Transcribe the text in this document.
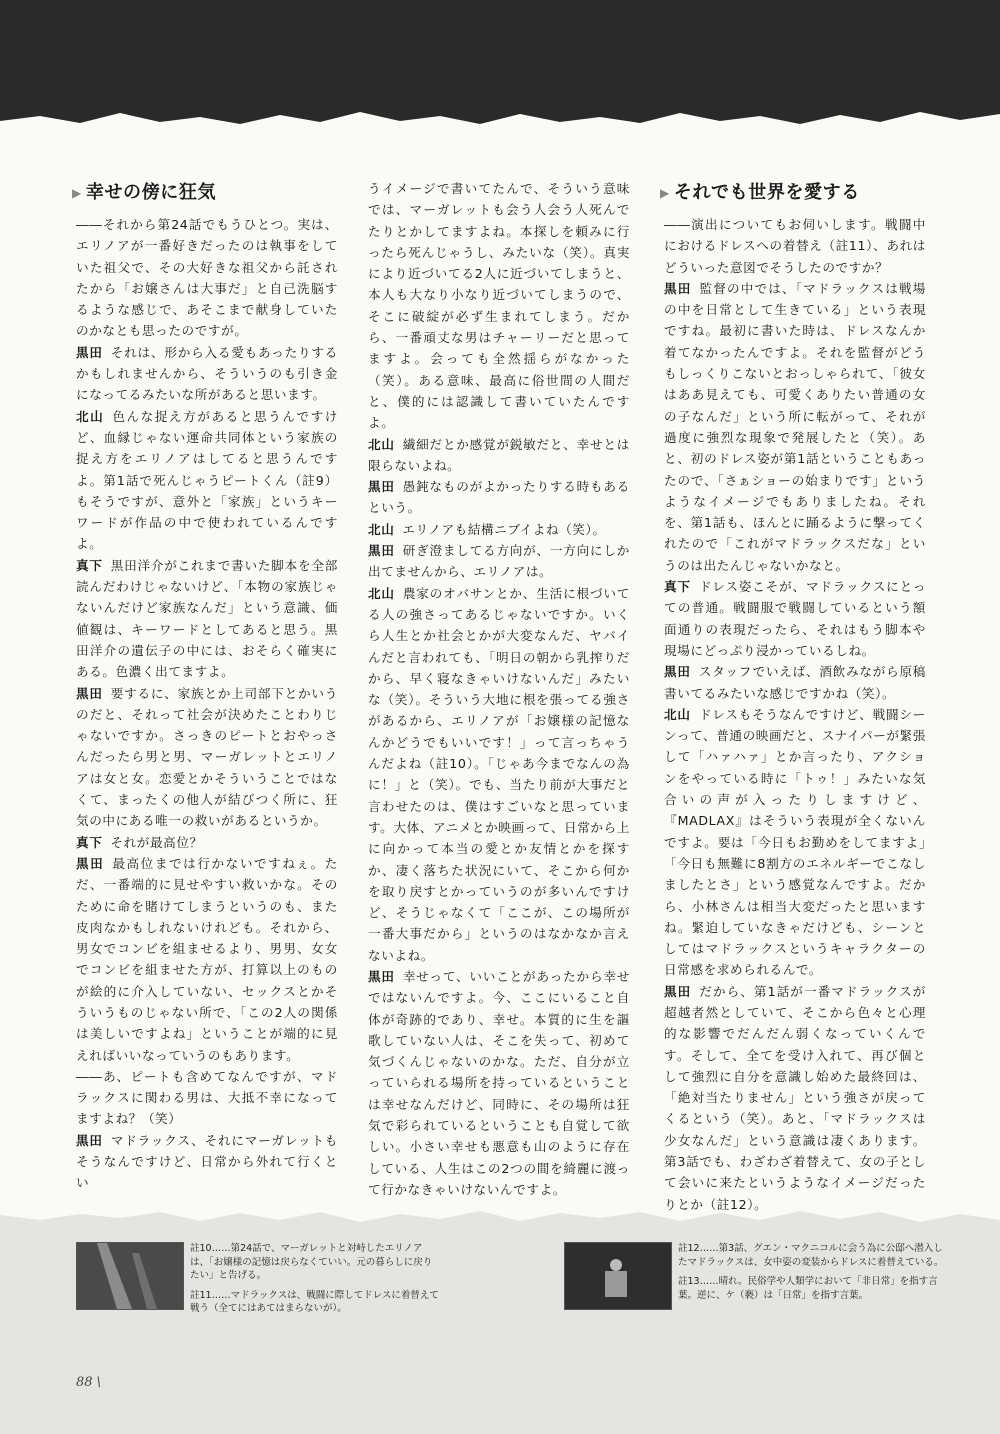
▶ 幸せの傍に狂気

――それから第24話でもうひとつ。実は、エリノアが一番好きだったのは執事をしていた祖父で、その大好きな祖父から託されたから「お嬢さんは大事だ」と自己洗脳するような感じで、あそこまで献身していたのかなとも思ったのですが。

黒田 それは、形から入る愛もあったりするかもしれませんから、そういうのも引き金になってるみたいな所があると思います。

北山 色んな捉え方があると思うんですけど、血縁じゃない運命共同体という家族の捉え方をエリノアはしてると思うんですよ。第1話で死んじゃうピートくん（註9）もそうですが、意外と「家族」というキーワードが作品の中で使われているんですよ。

真下 黒田洋介がこれまで書いた脚本を全部読んだわけじゃないけど、「本物の家族じゃないんだけど家族なんだ」という意識、価値観は、キーワードとしてあると思う。黒田洋介の遺伝子の中には、おそらく確実にある。色濃く出てますよ。

黒田 要するに、家族とか上司部下とかいうのだと、それって社会が決めたことわりじゃないですか。さっきのピートとおやっさんだったら男と男、マーガレットとエリノアは女と女。恋愛とかそういうことではなくて、まったくの他人が結びつく所に、狂気の中にある唯一の救いがあるというか。

真下 それが最高位？

黒田 最高位までは行かないですねぇ。ただ、一番端的に見せやすい救いかな。そのために命を賭けてしまうというのも、また皮肉なかもしれないけれども。それから、男女でコンビを組ませるより、男男、女女でコンビを組ませた方が、打算以上のものが絵的に介入していない、セックスとかそういうものじゃない所で、「この2人の関係は美しいですよね」ということが端的に見えればいいなっていうのもあります。

――あ、ピートも含めてなんですが、マドラックスに関わる男は、大抵不幸になってますよね？（笑）

黒田 マドラックス、それにマーガレットもそうなんですけど、日常から外れて行くとい

うイメージで書いてたんで、そういう意味では、マーガレットも会う人会う人死んでたりとかしてますよね。本探しを頼みに行ったら死んじゃうし、みたいな（笑）。真実により近づいてる2人に近づいてしまうと、本人も大なり小なり近づいてしまうので、そこに破綻が必ず生まれてしまう。だから、一番頑丈な男はチャーリーだと思ってますよ。会っても全然揺らがなかった（笑）。ある意味、最高に俗世間の人間だと、僕的には認識して書いていたんですよ。

北山 繊細だとか感覚が鋭敏だと、幸せとは限らないよね。

黒田 愚鈍なものがよかったりする時もあるという。

北山 エリノアも結構ニブイよね（笑）。

黒田 研ぎ澄ましてる方向が、一方向にしか出てませんから、エリノアは。

北山 農家のオバサンとか、生活に根づいてる人の強さってあるじゃないですか。いくら人生とか社会とかが大変なんだ、ヤバイんだと言われても、「明日の朝から乳搾りだから、早く寝なきゃいけないんだ」みたいな（笑）。そういう大地に根を張ってる強さがあるから、エリノアが「お嬢様の記憶なんかどうでもいいです！」って言っちゃうんだよね（註10）。「じゃあ今までなんの為に！」と（笑）。でも、当たり前が大事だと言わせたのは、僕はすごいなと思っています。大体、アニメとか映画って、日常から上に向かって本当の愛とか友情とかを探すか、凄く落ちた状況にいて、そこから何かを取り戻すとかっていうのが多いんですけど、そうじゃなくて「ここが、この場所が一番大事だから」というのはなかなか言えないよね。

黒田 幸せって、いいことがあったから幸せではないんですよ。今、ここにいること自体が奇跡的であり、幸せ。本質的に生を謳歌していない人は、そこを失って、初めて気づくんじゃないのかな。ただ、自分が立っていられる場所を持っているということは幸せなんだけど、同時に、その場所は狂気で彩られているということも自覚して欲しい。小さい幸せも悪意も山のように存在している、人生はこの2つの間を綺麗に渡って行かなきゃいけないんですよ。

▶ それでも世界を愛する

――演出についてもお伺いします。戦闘中におけるドレスへの着替え（註11）、あれはどういった意図でそうしたのですか？

黒田 監督の中では、「マドラックスは戦場の中を日常として生きている」という表現ですね。最初に書いた時は、ドレスなんか着てなかったんですよ。それを監督がどうもしっくりこないとおっしゃられて、「彼女はああ見えても、可愛くありたい普通の女の子なんだ」という所に転がって、それが過度に強烈な現象で発展したと（笑）。あと、初のドレス姿が第1話ということもあったので、「さぁショーの始まりです」というようなイメージでもありましたね。それを、第1話も、ほんとに踊るように撃ってくれたので「これがマドラックスだな」というのは出たんじゃないかなと。

真下 ドレス姿こそが、マドラックスにとっての普通。戦闘服で戦闘しているという額面通りの表現だったら、それはもう脚本や現場にどっぷり浸かっているしね。

黒田 スタッフでいえば、酒飲みながら原稿書いてるみたいな感じですかね（笑）。

北山 ドレスもそうなんですけど、戦闘シーンって、普通の映画だと、スナイパーが緊張して「ハァハァ」とか言ったり、アクションをやっている時に「トゥ！」みたいな気合いの声が入ったりしますけど、『MADLAX』はそういう表現が全くないんですよ。要は「今日もお勤めをしてますよ」「今日も無難に8割方のエネルギーでこなしましたとさ」という感覚なんですよ。だから、小林さんは相当大変だったと思いますね。緊迫していなきゃだけども、シーンとしてはマドラックスというキャラクターの日常感を求められるんで。

黒田 だから、第1話が一番マドラックスが超越者然としていて、そこから色々と心理的な影響でだんだん弱くなっていくんです。そして、全てを受け入れて、再び個として強烈に自分を意識し始めた最終回は、「絶対当たりません」という強さが戻ってくるという（笑）。あと、「マドラックスは少女なんだ」という意識は凄くあります。第3話でも、わざわざ着替えて、女の子として会いに来たというようなイメージだったりとか（註12）。

註10……第24話で、マーガレットと対峙したエリノアは、「お嬢様の記憶は戻らなくていい。元の暮らしに戻りたい」と告げる。

註11……マドラックスは、戦闘に際してドレスに着替えて戦う（全てにはあてはまらないが）。

註12……第3話、グエン・マクニコルに会う為に公邸へ潜入したマドラックスは、女中姿の変装からドレスに着替えている。

註13……晴れ。民俗学や人類学において「非日常」を指す言葉。逆に、ケ（褻）は「日常」を指す言葉。

88 \
